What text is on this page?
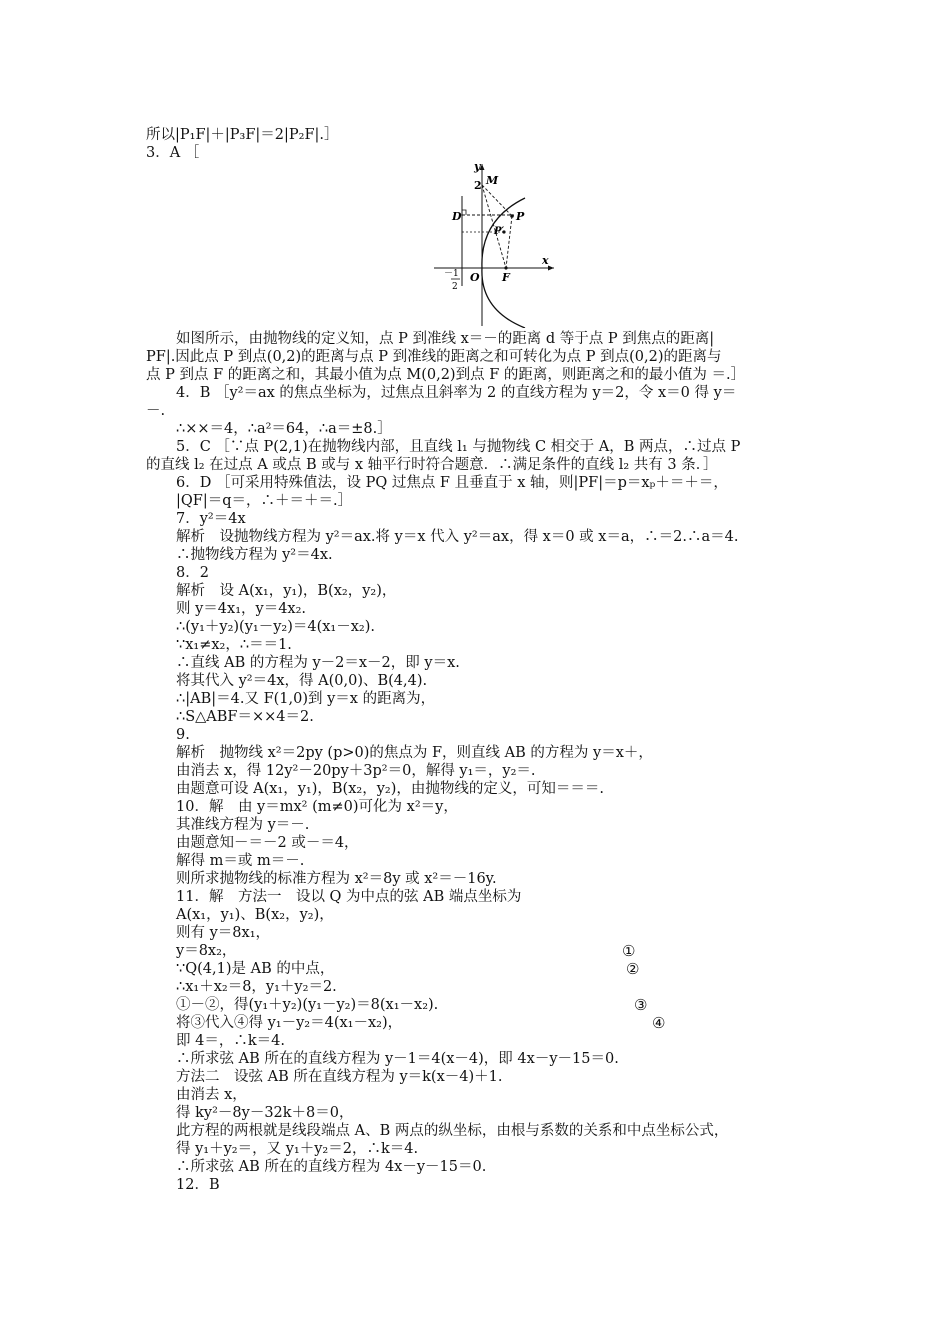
所以|P₁F|＋|P₃F|＝2|P₂F|.］
3．A ［
y
x
2 M
D	P
P′
O F
－1
2
如图所示，由抛物线的定义知，点 P 到准线 x＝－的距离 d 等于点 P 到焦点的距离|
PF|.因此点 P 到点(0,2)的距离与点 P 到准线的距离之和可转化为点 P 到点(0,2)的距离与
点 P 到点 F 的距离之和，其最小值为点 M(0,2)到点 F 的距离，则距离之和的最小值为 ＝.］
4．B ［y²＝ax 的焦点坐标为，过焦点且斜率为 2 的直线方程为 y＝2，令 x＝0 得 y＝
－.
∴××＝4，∴a²＝64，∴a＝±8.］
5．C ［∵点 P(2,1)在抛物线内部，且直线 l₁ 与抛物线 C 相交于 A，B 两点，∴过点 P
的直线 l₂ 在过点 A 或点 B 或与 x 轴平行时符合题意．∴满足条件的直线 l₂ 共有 3 条．］
6．D ［可采用特殊值法，设 PQ 过焦点 F 且垂直于 x 轴，则|PF|＝p＝xₚ＋＝＋＝，
|QF|＝q＝，∴＋＝＋＝.］
7．y²＝4x
解析　设抛物线方程为 y²＝ax.将 y＝x 代入 y²＝ax，得 x＝0 或 x＝a，∴＝2.∴a＝4.
∴抛物线方程为 y²＝4x.
8．2
解析　设 A(x₁，y₁)，B(x₂，y₂)，
则 y＝4x₁，y＝4x₂.
∴(y₁＋y₂)(y₁－y₂)＝4(x₁－x₂).
∵x₁≠x₂，∴＝＝1.
∴直线 AB 的方程为 y－2＝x－2，即 y＝x.
将其代入 y²＝4x，得 A(0,0)、B(4,4).
∴|AB|＝4.又 F(1,0)到 y＝x 的距离为，
∴S△ABF＝××4＝2.
9.
解析　抛物线 x²＝2py (p>0)的焦点为 F，则直线 AB 的方程为 y＝x＋，
由消去 x，得 12y²－20py＋3p²＝0，解得 y₁＝，y₂＝.
由题意可设 A(x₁，y₁)，B(x₂，y₂)，由抛物线的定义，可知＝＝＝.
10．解　由 y＝mx² (m≠0)可化为 x²＝y，
其准线方程为 y＝－.
由题意知－＝－2 或－＝4，
解得 m＝或 m＝－.
则所求抛物线的标准方程为 x²＝8y 或 x²＝－16y.
11．解　方法一　设以 Q 为中点的弦 AB 端点坐标为
A(x₁，y₁)、B(x₂，y₂)，
则有 y＝8x₁，
y＝8x₂，
∵Q(4,1)是 AB 的中点，
∴x₁＋x₂＝8，y₁＋y₂＝2.
①－②，得(y₁＋y₂)(y₁－y₂)＝8(x₁－x₂).
将③代入④得 y₁－y₂＝4(x₁－x₂)，
即 4＝，∴k＝4.
∴所求弦 AB 所在的直线方程为 y－1＝4(x－4)，即 4x－y－15＝0.
方法二　设弦 AB 所在直线方程为 y＝k(x－4)＋1.
由消去 x，
得 ky²－8y－32k＋8＝0，
此方程的两根就是线段端点 A、B 两点的纵坐标，由根与系数的关系和中点坐标公式，
得 y₁＋y₂＝，又 y₁＋y₂＝2，∴k＝4.
∴所求弦 AB 所在的直线方程为 4x－y－15＝0.
12．B
①
②
③
④
